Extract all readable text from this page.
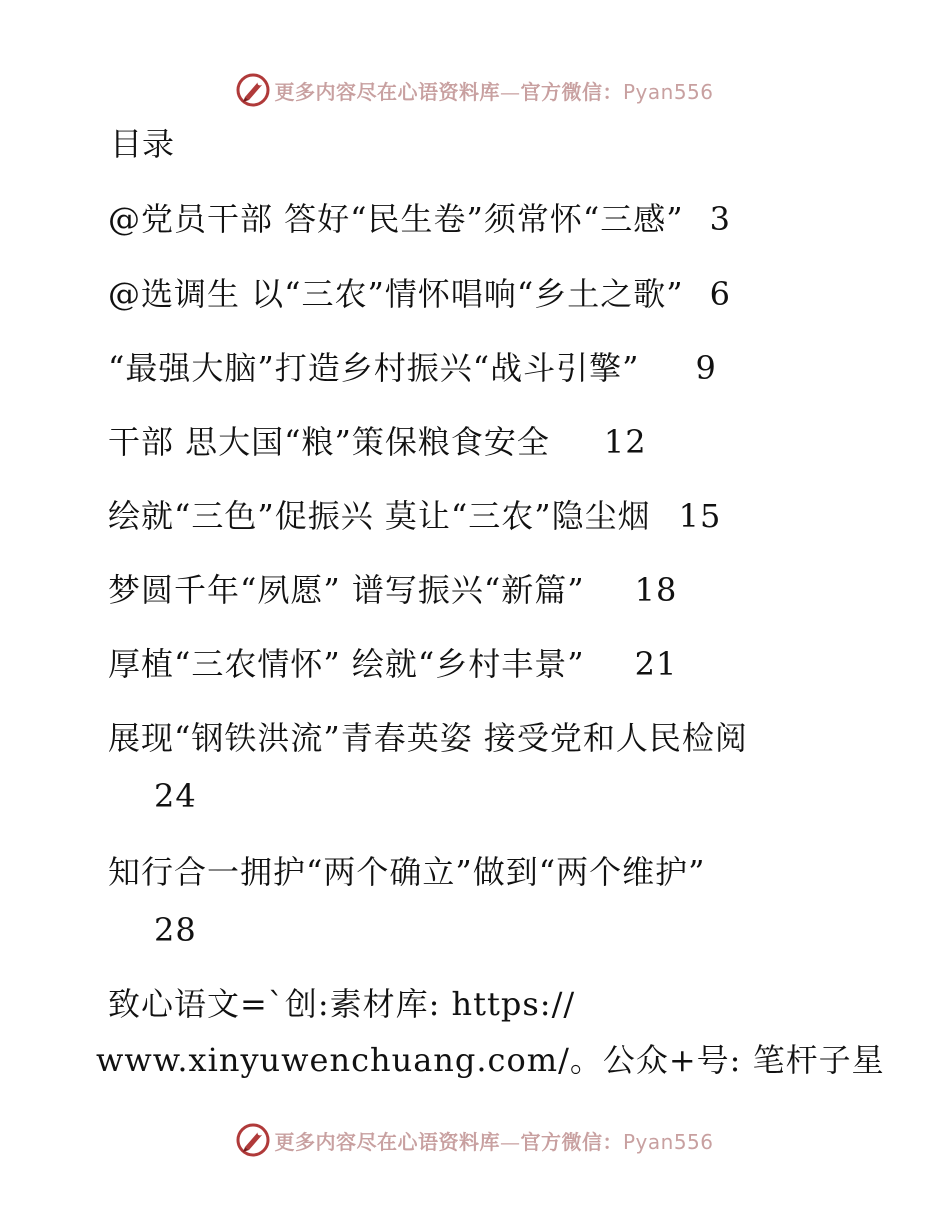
更多内容尽在心语资料库—官方微信：Pyan556
目录
@党员干部 答好“民生卷”须常怀“三感” 3
@选调生 以“三农”情怀唱响“乡土之歌” 6
“最强大脑”打造乡村振兴“战斗引擎” 9
干部 思大国“粮”策保粮食安全 12
绘就“三色”促振兴 莫让“三农”隐尘烟 15
梦圆千年“夙愿” 谱写振兴“新篇” 18
厚植“三农情怀” 绘就“乡村丰景” 21
展现“钢铁洪流”青春英姿 接受党和人民检阅
24
知行合一拥护“两个确立”做到“两个维护”
28
致心语文=`创:素材库: https://
www.xinyuwenchuang.com/。公众+号: 笔杆子星
更多内容尽在心语资料库—官方微信：Pyan556
